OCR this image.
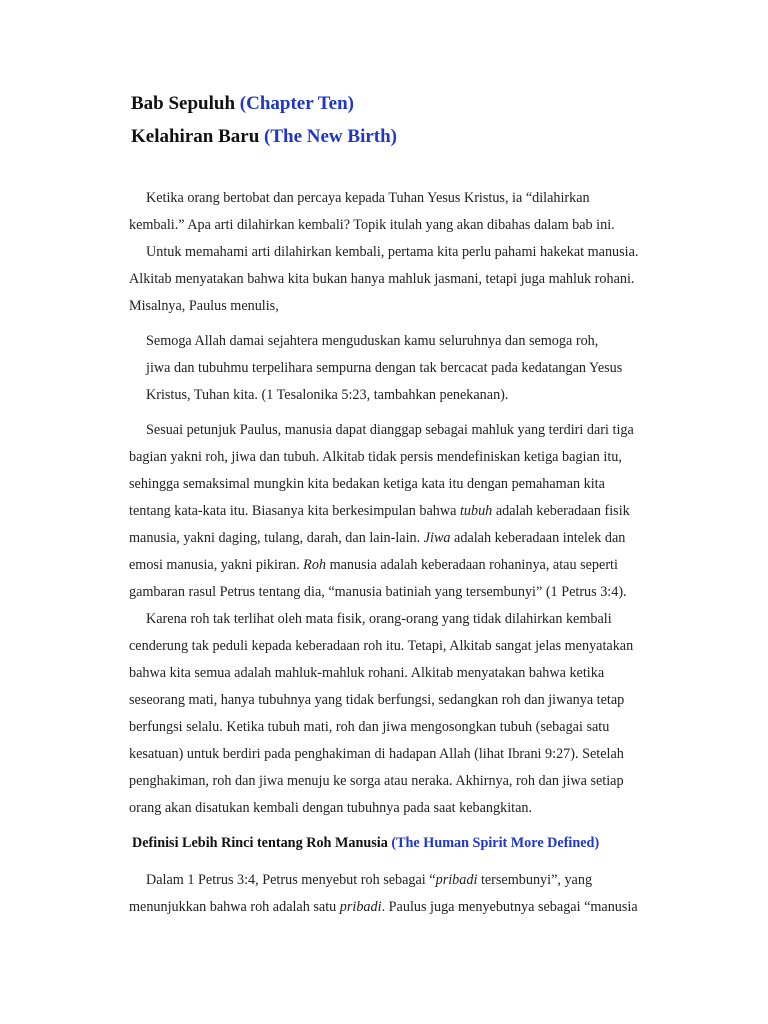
Bab Sepuluh (Chapter Ten)
Kelahiran Baru (The New Birth)

Ketika orang bertobat dan percaya kepada Tuhan Yesus Kristus, ia “dilahirkan
kembali.” Apa arti dilahirkan kembali? Topik itulah yang akan dibahas dalam bab ini.

Untuk memahami arti dilahirkan kembali, pertama kita perlu pahami hakekat manusia.
Alkitab menyatakan bahwa kita bukan hanya mahluk jasmani, tetapi juga mahluk rohani.
Misalnya, Paulus menulis,

Semoga Allah damai sejahtera menguduskan kamu seluruhnya dan semoga roh,
jiwa dan tubuhmu terpelihara sempurna dengan tak bercacat pada kedatangan Yesus
Kristus, Tuhan kita. (1 Tesalonika 5:23, tambahkan penekanan).

Sesuai petunjuk Paulus, manusia dapat dianggap sebagai mahluk yang terdiri dari tiga
bagian yakni roh, jiwa dan tubuh. Alkitab tidak persis mendefiniskan ketiga bagian itu,
sehingga semaksimal mungkin kita bedakan ketiga kata itu dengan pemahaman kita
tentang kata-kata itu. Biasanya kita berkesimpulan bahwa tubuh adalah keberadaan fisik
manusia, yakni daging, tulang, darah, dan lain-lain. Jiwa adalah keberadaan intelek dan
emosi manusia, yakni pikiran. Roh manusia adalah keberadaan rohaninya, atau seperti
gambaran rasul Petrus tentang dia, “manusia batiniah yang tersembunyi” (1 Petrus 3:4).

Karena roh tak terlihat oleh mata fisik, orang-orang yang tidak dilahirkan kembali
cenderung tak peduli kepada keberadaan roh itu. Tetapi, Alkitab sangat jelas menyatakan
bahwa kita semua adalah mahluk-mahluk rohani. Alkitab menyatakan bahwa ketika
seseorang mati, hanya tubuhnya yang tidak berfungsi, sedangkan roh dan jiwanya tetap
berfungsi selalu. Ketika tubuh mati, roh dan jiwa mengosongkan tubuh (sebagai satu
kesatuan) untuk berdiri pada penghakiman di hadapan Allah (lihat Ibrani 9:27). Setelah
penghakiman, roh dan jiwa menuju ke sorga atau neraka. Akhirnya, roh dan jiwa setiap
orang akan disatukan kembali dengan tubuhnya pada saat kebangkitan.

Definisi Lebih Rinci tentang Roh Manusia (The Human Spirit More Defined)

Dalam 1 Petrus 3:4, Petrus menyebut roh sebagai “pribadi tersembunyi”, yang
menunjukkan bahwa roh adalah satu pribadi. Paulus juga menyebutnya sebagai “manusia
